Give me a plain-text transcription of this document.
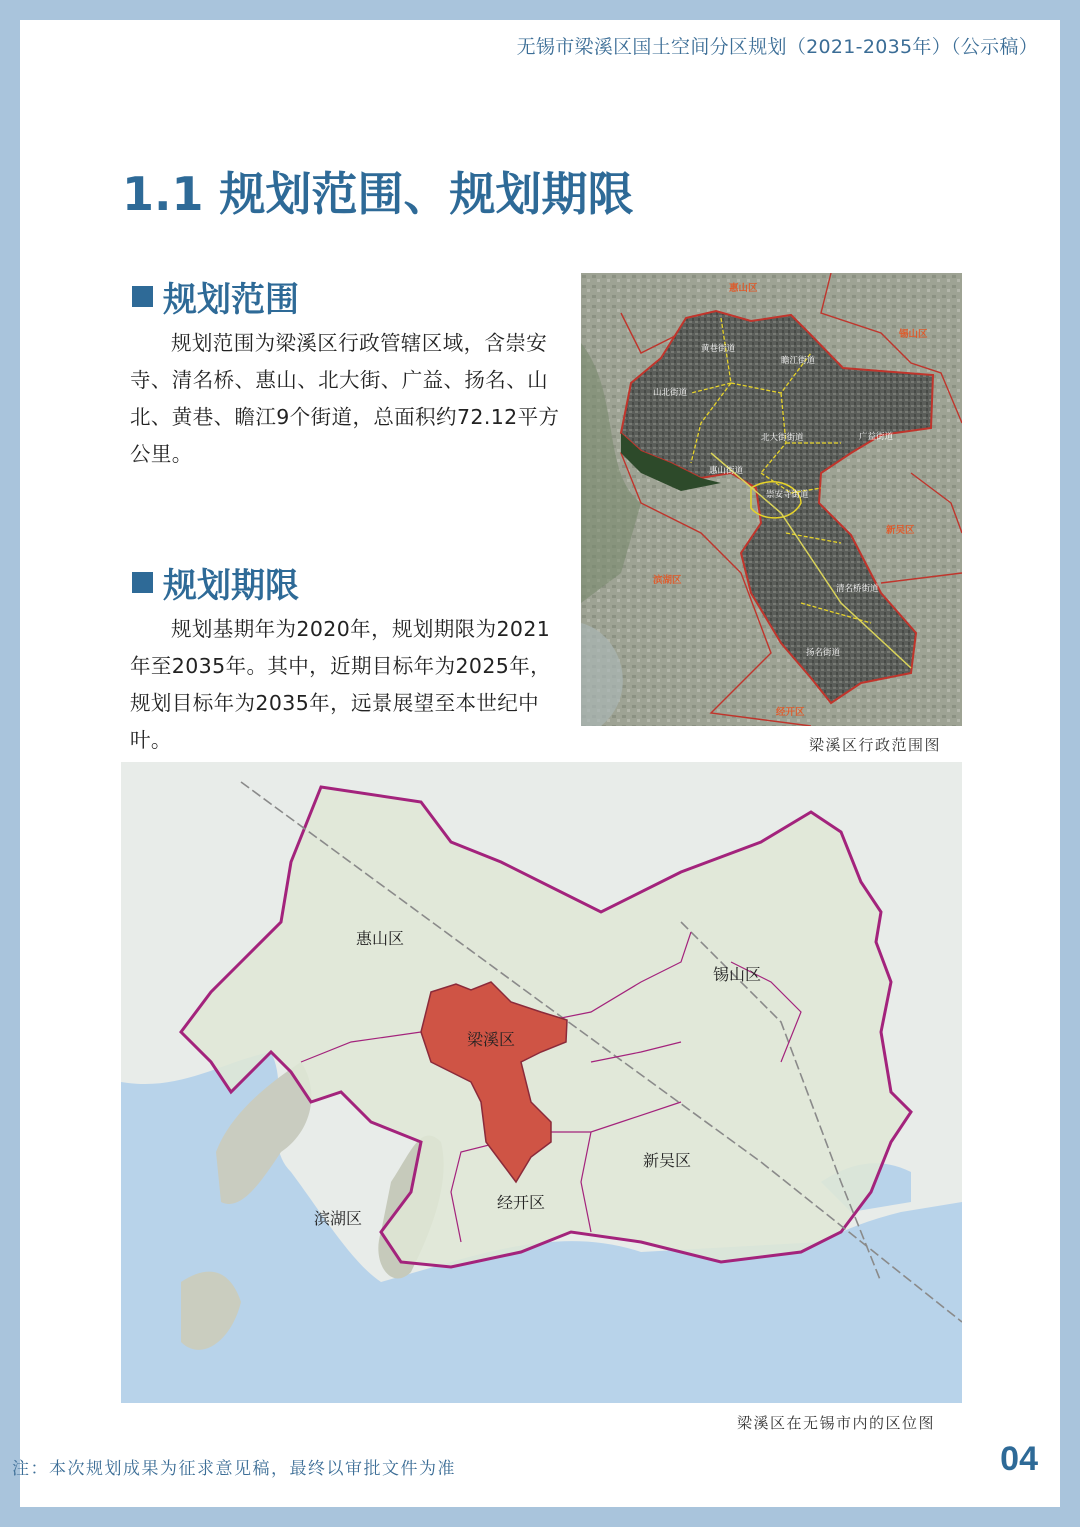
无锡市梁溪区国土空间分区规划（2021-2035年）（公示稿）
1.1 规划范围、规划期限
规划范围
规划范围为梁溪区行政管辖区域，含崇安寺、清名桥、惠山、北大街、广益、扬名、山北、黄巷、瞻江9个街道，总面积约72.12平方公里。
规划期限
规划基期年为2020年，规划期限为2021年至2035年。其中，近期目标年为2025年，规划目标年为2035年，远景展望至本世纪中叶。
黄巷街道
瞻江街道
山北街道
北大街街道	广益街道
惠山街道
崇安寺街道
清名桥街道
扬名街道
惠山区
锡山区
新吴区
滨湖区
经开区
梁溪区行政范围图
惠山区
锡山区
梁溪区
新吴区
滨湖区
经开区
梁溪区在无锡市内的区位图
04
注：本次规划成果为征求意见稿，最终以审批文件为准
